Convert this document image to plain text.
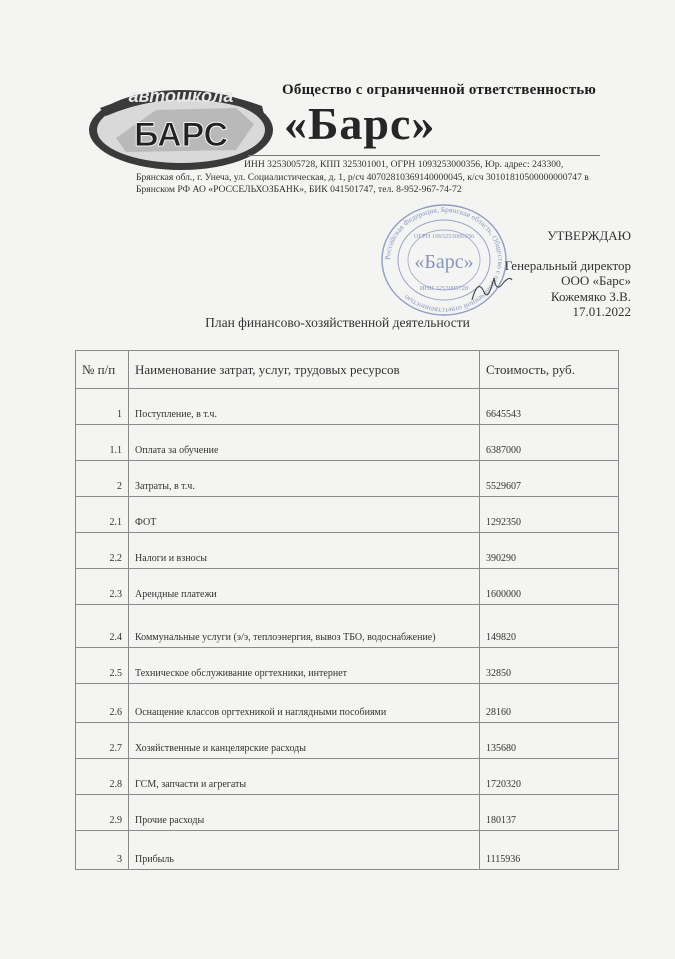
автошкола
БАРС
Общество с ограниченной ответственностью
«Барс»
ИНН 3253005728, КПП 325301001, ОГРН 1093253000356, Юр. адрес: 243300,
Брянская обл., г. Унеча, ул. Социалистическая, д. 1, р/сч 40702810369140000045, к/сч 30101810500000000747 в
Брянском РФ АО «РОССЕЛЬХОЗБАНК», БИК 041501747, тел. 8-952-967-74-72
Российская Федерация, Брянская область, Общество с ограниченной ответственностью
ОГРН 1093253000356
«Барс»
ИНН 3253005728
УТВЕРЖДАЮ
Генеральный директор
ООО «Барс»
Кожемяко З.В.
17.01.2022
План финансово-хозяйственной деятельности
№ п/п	Наименование затрат, услуг, трудовых ресурсов	Стоимость, руб.
1	Поступление, в т.ч.	6645543
1.1	Оплата за обучение	6387000
2	Затраты, в т.ч.	5529607
2.1	ФОТ	1292350
2.2	Налоги и взносы	390290
2.3	Арендные платежи	1600000
2.4	Коммунальные услуги (э/э, теплоэнергия, вывоз ТБО, водоснабжение)	149820
2.5	Техническое обслуживание оргтехники, интернет	32850
2.6	Оснащение классов оргтехникой и наглядными пособиями	28160
2.7	Хозяйственные и канцелярские расходы	135680
2.8	ГСМ, запчасти и агрегаты	1720320
2.9	Прочие расходы	180137
3	Прибыль	1115936
